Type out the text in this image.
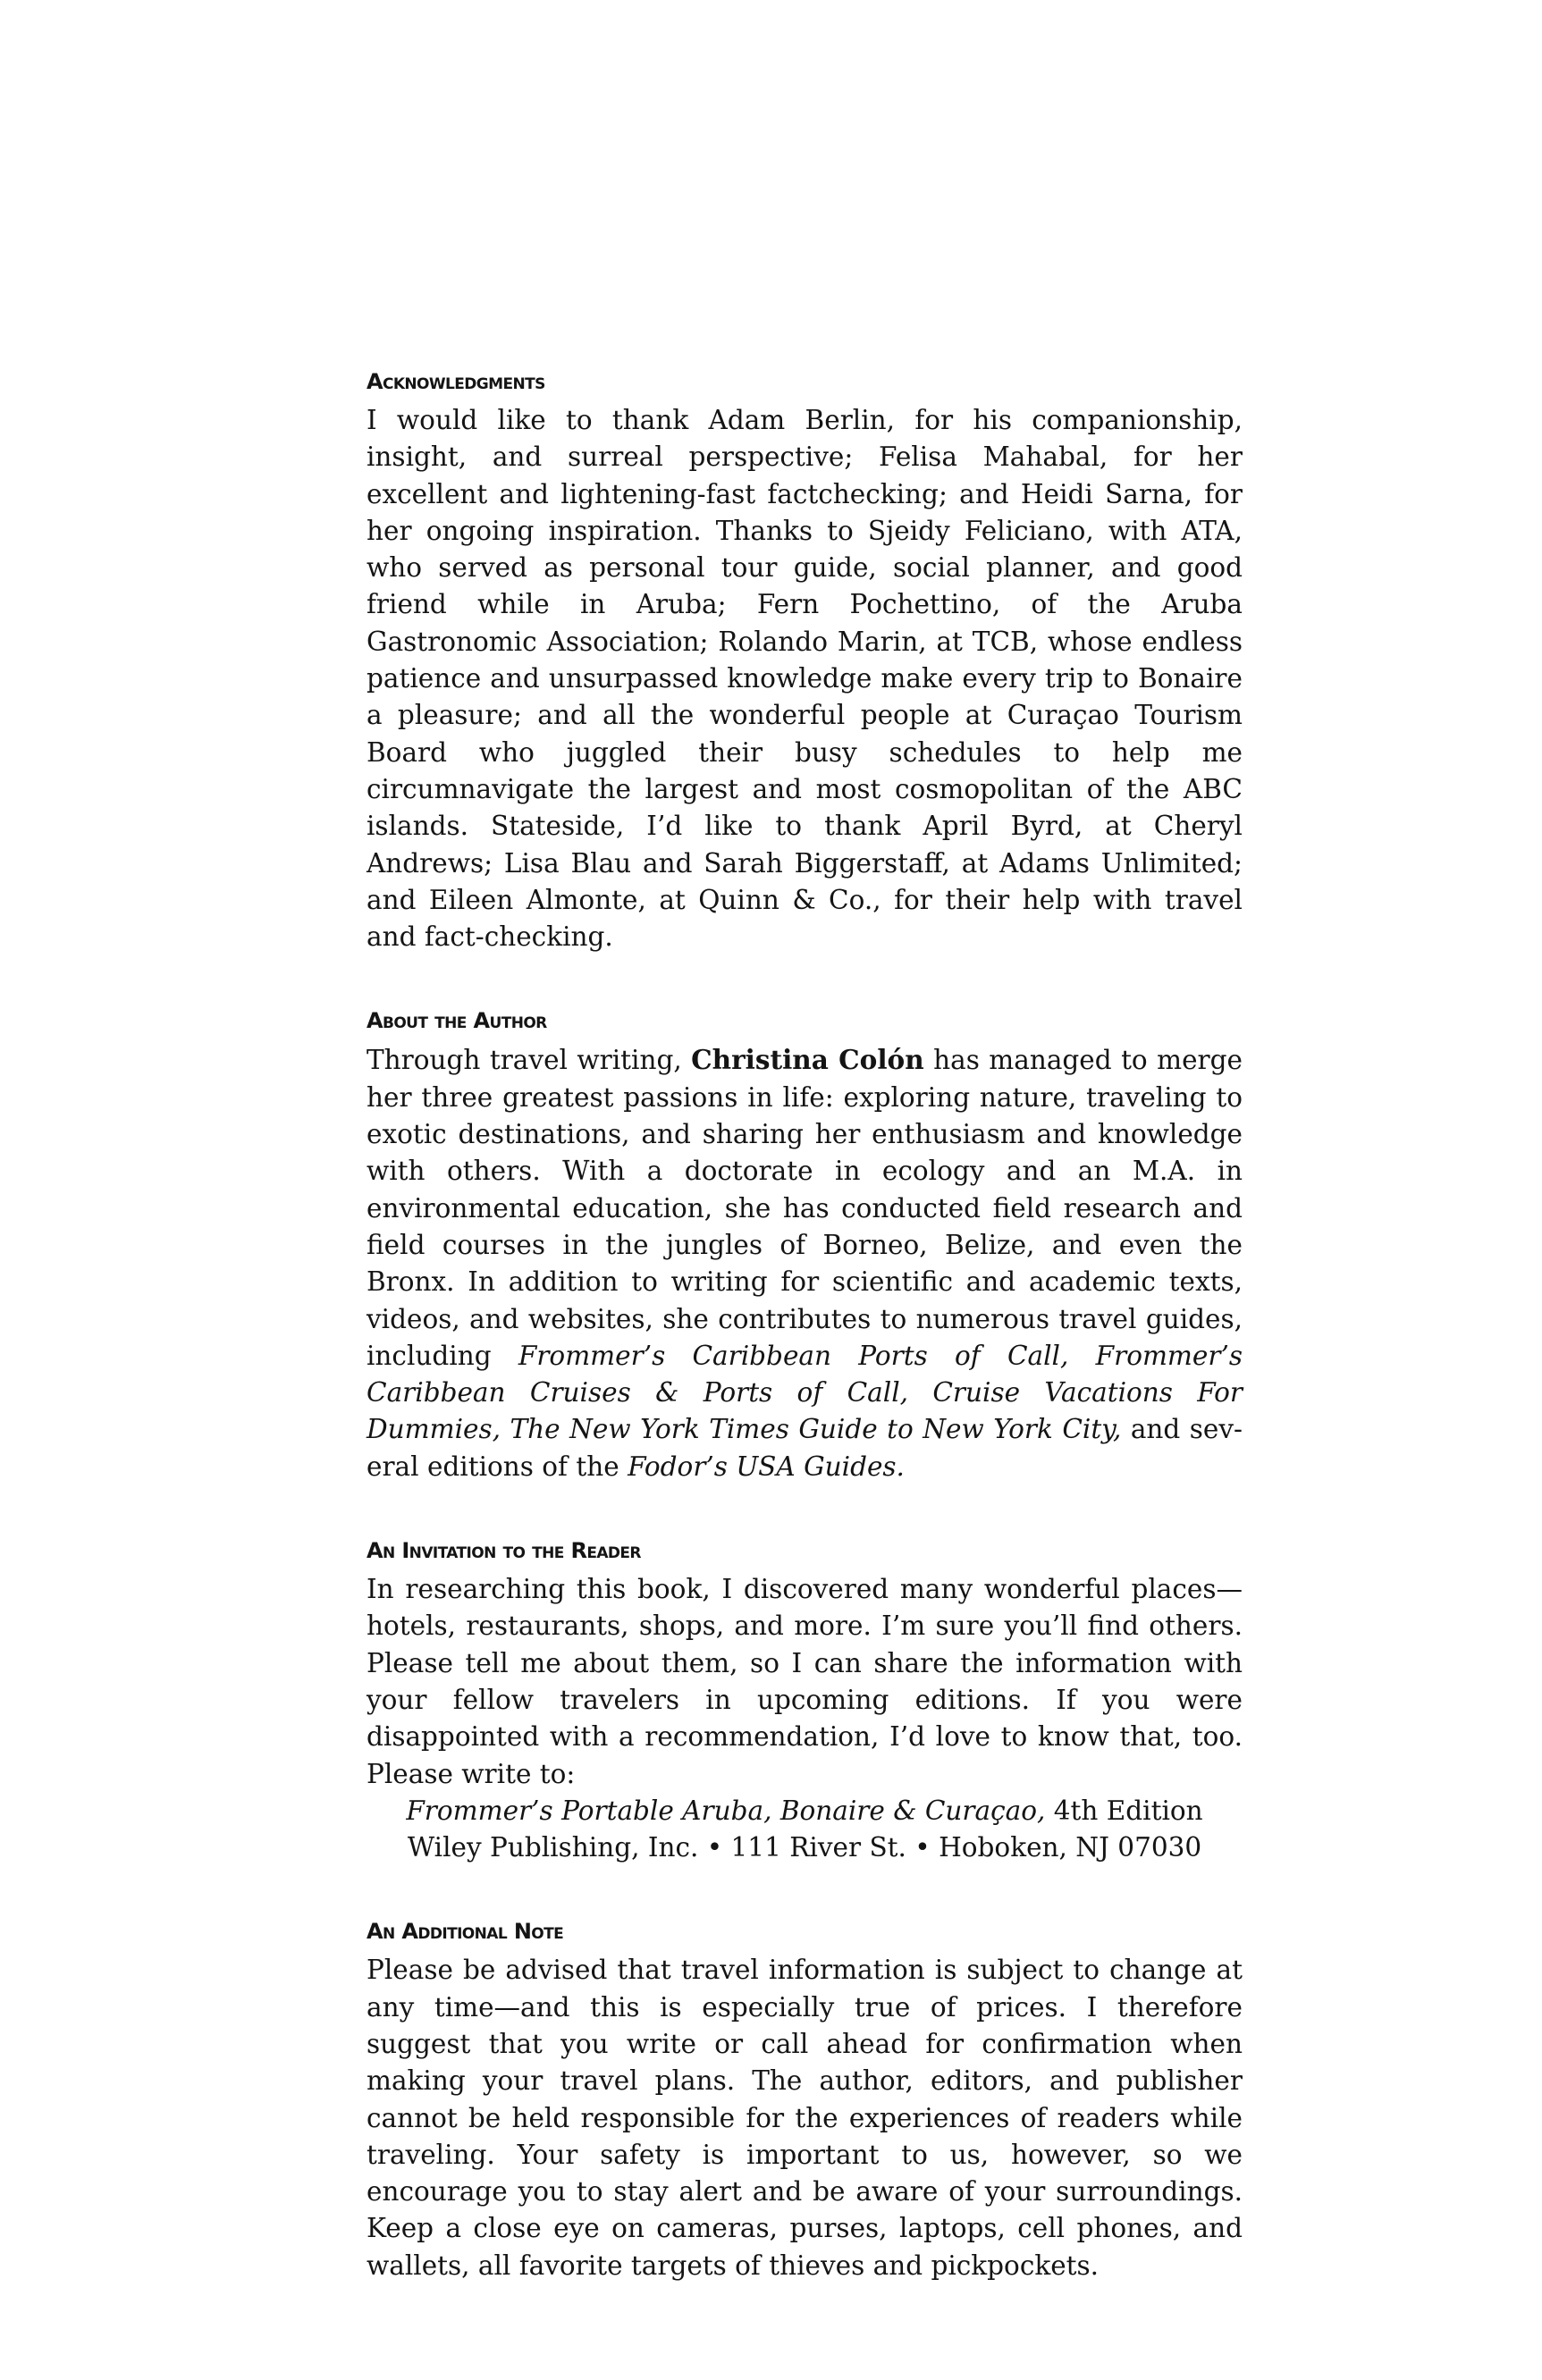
Acknowledgments

I would like to thank Adam Berlin, for his companionship, insight, and surreal perspective; Felisa Mahabal, for her excellent and lightening-fast factchecking; and Heidi Sarna, for her ongoing inspiration. Thanks to Sjeidy Feliciano, with ATA, who served as personal tour guide, social planner, and good friend while in Aruba; Fern Pochettino, of the Aruba Gastronomic Association; Rolando Marin, at TCB, whose endless patience and unsurpassed knowledge make every trip to Bonaire a pleasure; and all the wonderful people at Curaçao Tourism Board who juggled their busy schedules to help me circumnavigate the largest and most cosmopolitan of the ABC islands. Stateside, I’d like to thank April Byrd, at Cheryl Andrews; Lisa Blau and Sarah Biggerstaff, at Adams Unlimited; and Eileen Almonte, at Quinn & Co., for their help with travel and fact-checking.

About the Author

Through travel writing, Christina Colón has managed to merge her three greatest passions in life: exploring nature, traveling to exotic destinations, and sharing her enthusiasm and knowledge with others. With a doctorate in ecology and an M.A. in environmental education, she has conducted field research and field courses in the jungles of Borneo, Belize, and even the Bronx. In addition to writing for scientific and academic texts, videos, and websites, she contributes to numerous travel guides, including Frommer’s Caribbean Ports of Call, Frommer’s Caribbean Cruises & Ports of Call, Cruise Vacations For Dummies, The New York Times Guide to New York City, and several editions of the Fodor’s USA Guides.

An Invitation to the Reader

In researching this book, I discovered many wonderful places—hotels, restaurants, shops, and more. I’m sure you’ll find others. Please tell me about them, so I can share the information with your fellow travelers in upcoming editions. If you were disappointed with a recommendation, I’d love to know that, too. Please write to:

Frommer’s Portable Aruba, Bonaire & Curaçao, 4th Edition
Wiley Publishing, Inc. • 111 River St. • Hoboken, NJ 07030
An Additional Note

Please be advised that travel information is subject to change at any time—and this is especially true of prices. I therefore suggest that you write or call ahead for confirmation when making your travel plans. The author, editors, and publisher cannot be held responsible for the experiences of readers while traveling. Your safety is important to us, however, so we encourage you to stay alert and be aware of your surroundings. Keep a close eye on cameras, purses, laptops, cell phones, and wallets, all favorite targets of thieves and pickpockets.
